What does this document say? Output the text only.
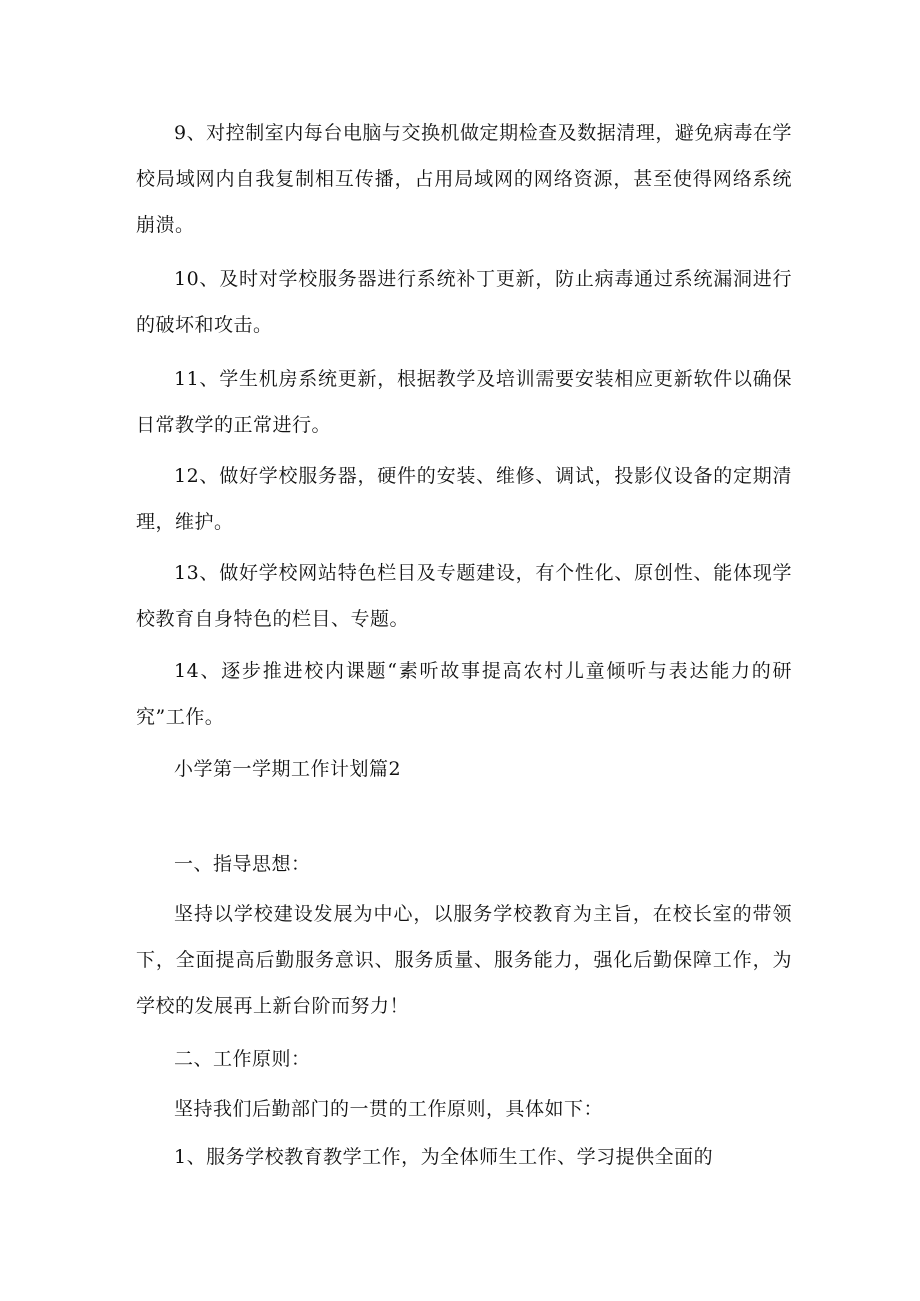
9、对控制室内每台电脑与交换机做定期检查及数据清理，避免病毒在学校局域网内自我复制相互传播，占用局域网的网络资源，甚至使得网络系统崩溃。

10、及时对学校服务器进行系统补丁更新，防止病毒通过系统漏洞进行的破坏和攻击。

11、学生机房系统更新，根据教学及培训需要安装相应更新软件以确保日常教学的正常进行。

12、做好学校服务器，硬件的安装、维修、调试，投影仪设备的定期清理，维护。

13、做好学校网站特色栏目及专题建设，有个性化、原创性、能体现学校教育自身特色的栏目、专题。

14、逐步推进校内课题“素听故事提高农村儿童倾听与表达能力的研究”工作。

小学第一学期工作计划篇2

一、指导思想：

坚持以学校建设发展为中心，以服务学校教育为主旨，在校长室的带领下，全面提高后勤服务意识、服务质量、服务能力，强化后勤保障工作，为学校的发展再上新台阶而努力！

二、工作原则：

坚持我们后勤部门的一贯的工作原则，具体如下：

1、服务学校教育教学工作，为全体师生工作、学习提供全面的
